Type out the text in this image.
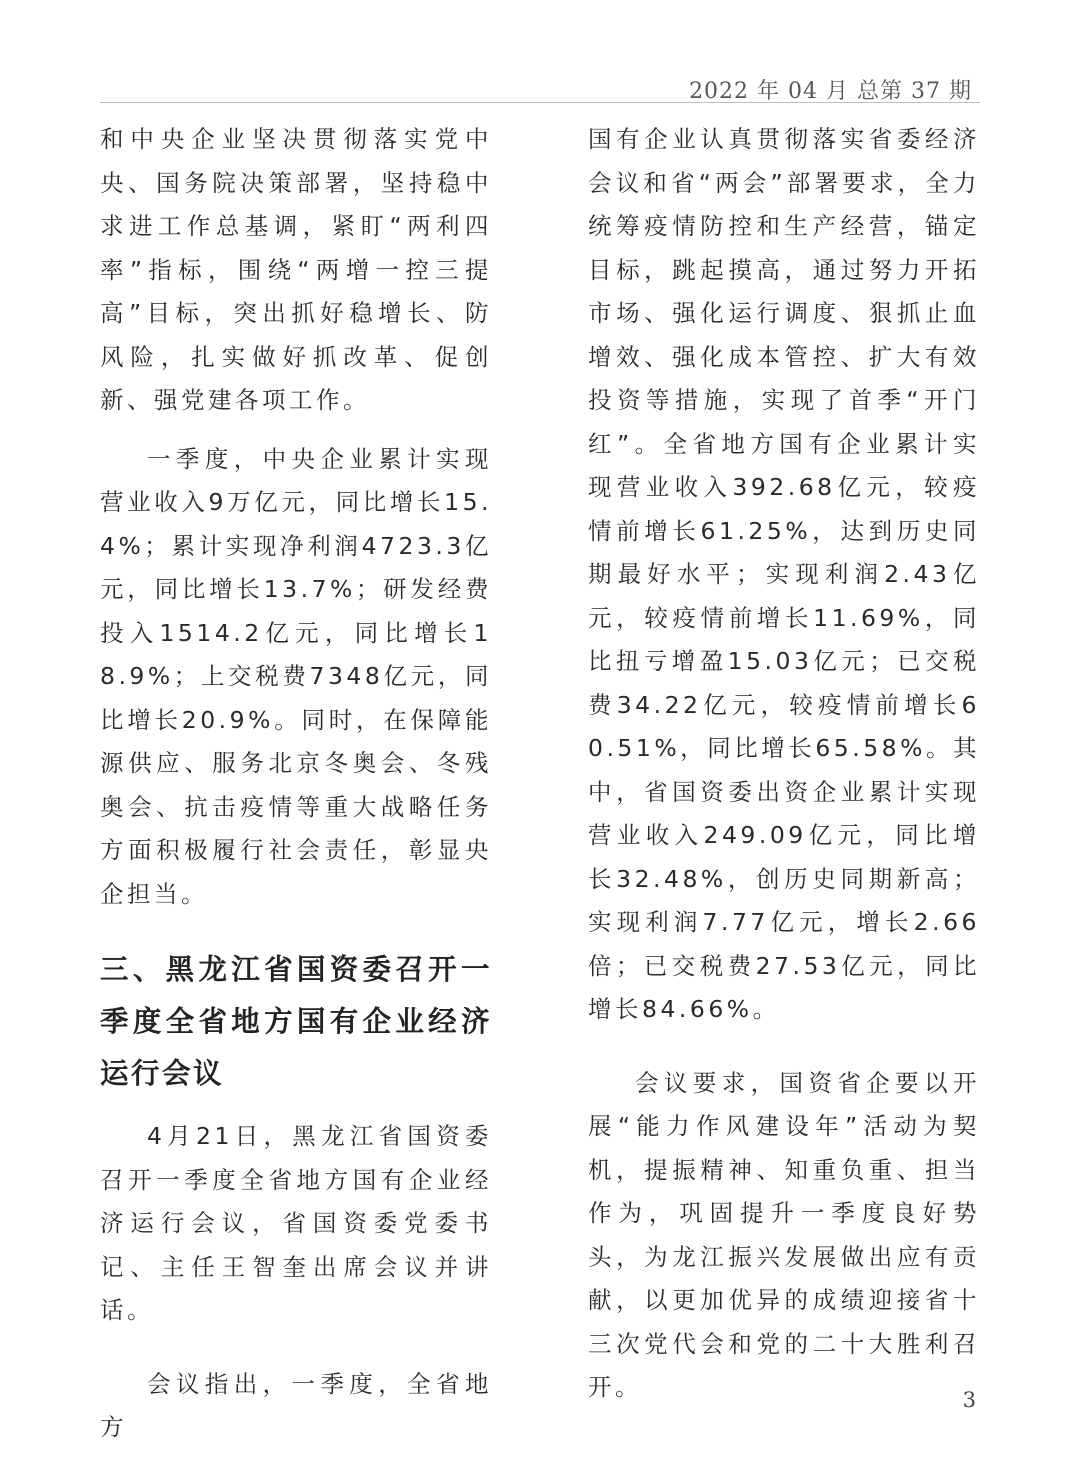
2022 年 04 月 总第 37 期

和中央企业坚决贯彻落实党中央、国务院决策部署，坚持稳中求进工作总基调，紧盯“两利四率”指标，围绕“两增一控三提高”目标，突出抓好稳增长、防风险，扎实做好抓改革、促创新、强党建各项工作。

一季度，中央企业累计实现营业收入9万亿元，同比增长15.4%；累计实现净利润4723.3亿元，同比增长13.7%；研发经费投入1514.2亿元，同比增长18.9%；上交税费7348亿元，同比增长20.9%。同时，在保障能源供应、服务北京冬奥会、冬残奥会、抗击疫情等重大战略任务方面积极履行社会责任，彰显央企担当。

三、黑龙江省国资委召开一季度全省地方国有企业经济运行会议

4月21日，黑龙江省国资委召开一季度全省地方国有企业经济运行会议，省国资委党委书记、主任王智奎出席会议并讲话。

会议指出，一季度，全省地方

国有企业认真贯彻落实省委经济会议和省“两会”部署要求，全力统筹疫情防控和生产经营，锚定目标，跳起摸高，通过努力开拓市场、强化运行调度、狠抓止血增效、强化成本管控、扩大有效投资等措施，实现了首季“开门红”。全省地方国有企业累计实现营业收入392.68亿元，较疫情前增长61.25%，达到历史同期最好水平；实现利润2.43亿元，较疫情前增长11.69%，同比扭亏增盈15.03亿元；已交税费34.22亿元，较疫情前增长60.51%，同比增长65.58%。其中，省国资委出资企业累计实现营业收入249.09亿元，同比增长32.48%，创历史同期新高；实现利润7.77亿元，增长2.66倍；已交税费27.53亿元，同比增长84.66%。

会议要求，国资省企要以开展“能力作风建设年”活动为契机，提振精神、知重负重、担当作为，巩固提升一季度良好势头，为龙江振兴发展做出应有贡献，以更加优异的成绩迎接省十三次党代会和党的二十大胜利召开。	3
